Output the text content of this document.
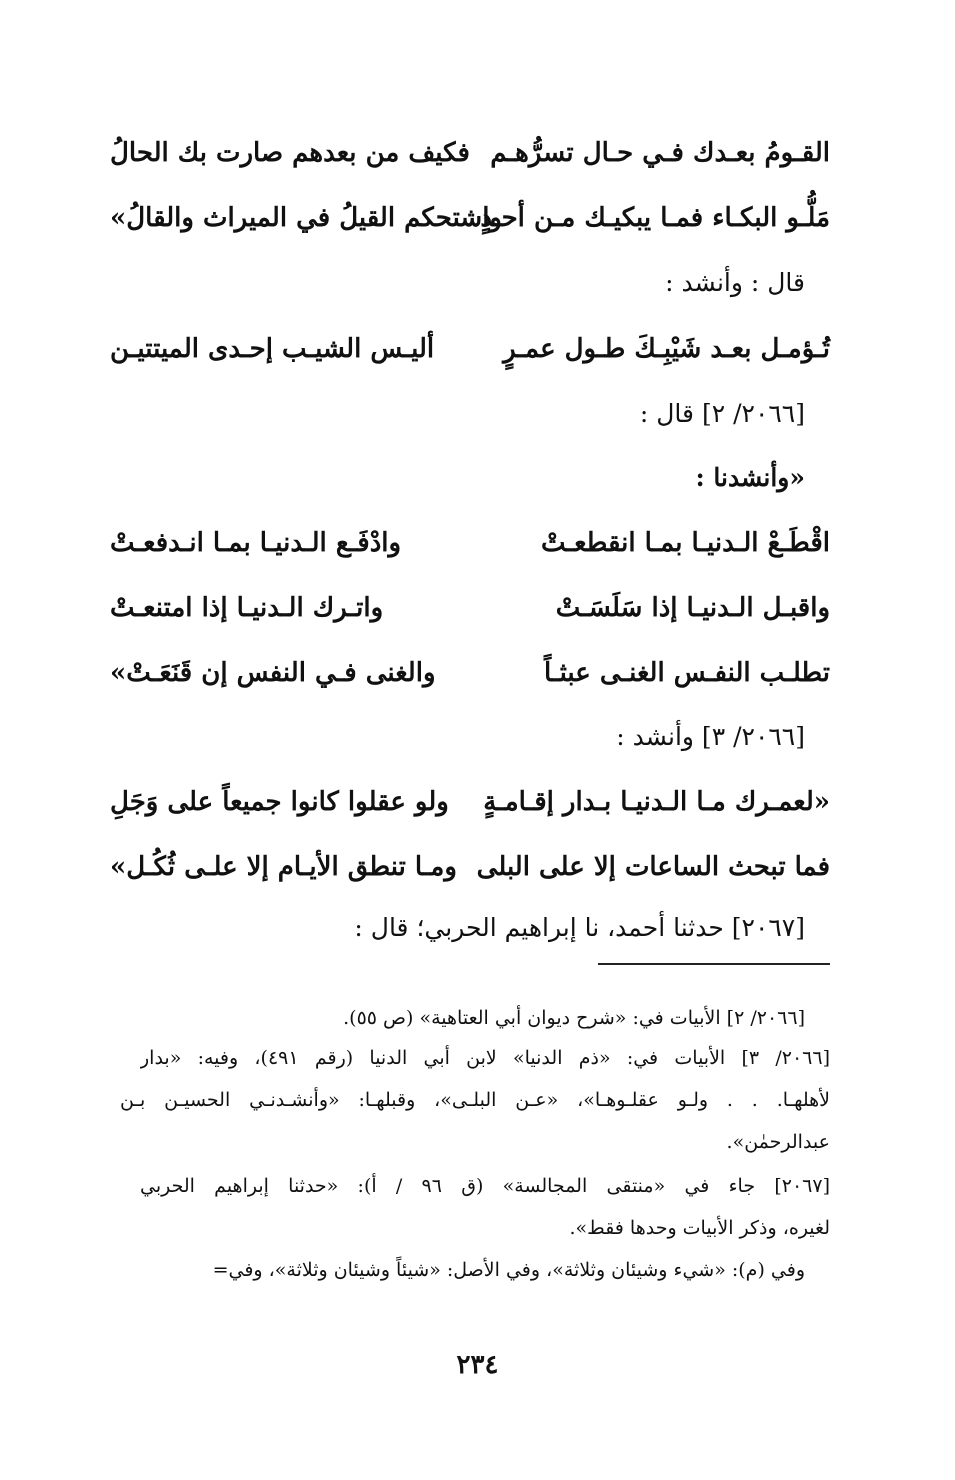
القـومُ بعـدك فـي حـال تسرُّهـم
فكيف من بعدهم صارت بك الحالُ
مَلُّـو البكـاء فمـا يبكيـك مـن أحـدٍ
واشتحكم القيلُ في الميراث والقالُ»
قال : وأنشد :
تُـؤمـل بعـد شَيْبِـكَ طـول عمـرٍ
أليـس الشيـب إحـدى الميتتيـن
[٢٠٦٦/ ٢] قال :
«وأنشدنا :
اقْطَـعْ الـدنيـا بمـا انقطعـتْ
وادْفَـع الـدنيـا بمـا انـدفعـتْ
واقبـل الـدنيـا إذا سَلَسَـتْ
واتـرك الـدنيـا إذا امتنعـتْ
تطلـب النفـس الغنـى عبثـاً
والغنى فـي النفس إن قَنَعَـتْ»
[٢٠٦٦/ ٣] وأنشد :
«لعمـرك مـا الـدنيـا بـدار إقـامـةٍ
ولو عقلوا كانوا جميعاً على وَجَلِ
فما تبحث الساعات إلا على البلى
ومـا تنطق الأيـام إلا علـى ثُكُـل»
[٢٠٦٧] حدثنا أحمد، نا إبراهيم الحربي؛ قال :
[٢٠٦٦/ ٢] الأبيات في: «شرح ديوان أبي العتاهية» (ص ٥٥).
[٢٠٦٦/ ٣] الأبيات في: «ذم الدنيا» لابن أبي الدنيا (رقم ٤٩١)، وفيه: «بدار
لأهلهـا. . . ولـو عقلـوهـا»، «عـن البلـى»، وقبلهـا: «وأنشـدنـي الحسيـن بـن
عبدالرحمٰن».
[٢٠٦٧] جاء في «منتقى المجالسة» (ق ٩٦ / أ): «حدثنا إبراهيم الحربي
لغيره، وذكر الأبيات وحدها فقط».
وفي (م): «شيء وشيئان وثلاثة»، وفي الأصل: «شيئاً وشيئان وثلاثة»، وفي=
٢٣٤
